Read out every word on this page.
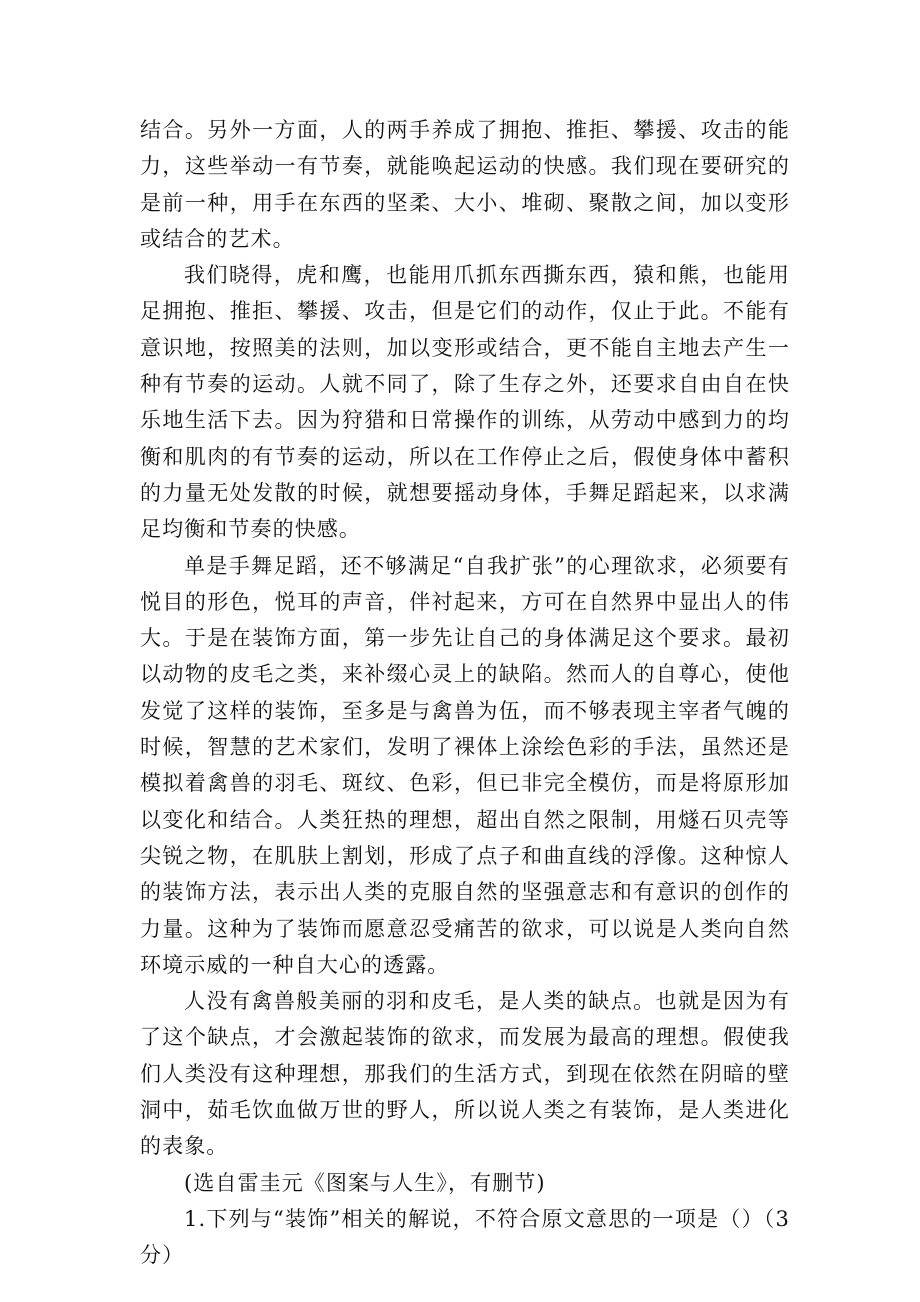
结合。另外一方面，人的两手养成了拥抱、推拒、攀援、攻击的能力，这些举动一有节奏，就能唤起运动的快感。我们现在要研究的是前一种，用手在东西的坚柔、大小、堆砌、聚散之间，加以变形或结合的艺术。

我们晓得，虎和鹰，也能用爪抓东西撕东西，猿和熊，也能用足拥抱、推拒、攀援、攻击，但是它们的动作，仅止于此。不能有意识地，按照美的法则，加以变形或结合，更不能自主地去产生一种有节奏的运动。人就不同了，除了生存之外，还要求自由自在快乐地生活下去。因为狩猎和日常操作的训练，从劳动中感到力的均衡和肌肉的有节奏的运动，所以在工作停止之后，假使身体中蓄积的力量无处发散的时候，就想要摇动身体，手舞足蹈起来，以求满足均衡和节奏的快感。

单是手舞足蹈，还不够满足“自我扩张”的心理欲求，必须要有悦目的形色，悦耳的声音，伴衬起来，方可在自然界中显出人的伟大。于是在装饰方面，第一步先让自己的身体满足这个要求。最初以动物的皮毛之类，来补缀心灵上的缺陷。然而人的自尊心，使他发觉了这样的装饰，至多是与禽兽为伍，而不够表现主宰者气魄的时候，智慧的艺术家们，发明了裸体上涂绘色彩的手法，虽然还是模拟着禽兽的羽毛、斑纹、色彩，但已非完全模仿，而是将原形加以变化和结合。人类狂热的理想，超出自然之限制，用燧石贝壳等尖锐之物，在肌肤上割划，形成了点子和曲直线的浮像。这种惊人的装饰方法，表示出人类的克服自然的坚强意志和有意识的创作的力量。这种为了装饰而愿意忍受痛苦的欲求，可以说是人类向自然环境示威的一种自大心的透露。

人没有禽兽般美丽的羽和皮毛，是人类的缺点。也就是因为有了这个缺点，才会激起装饰的欲求，而发展为最高的理想。假使我们人类没有这种理想，那我们的生活方式，到现在依然在阴暗的壁洞中，茹毛饮血做万世的野人，所以说人类之有装饰，是人类进化的表象。

(选自雷圭元《图案与人生》，有删节)

1.下列与“装饰”相关的解说，不符合原文意思的一项是（）（3分）
